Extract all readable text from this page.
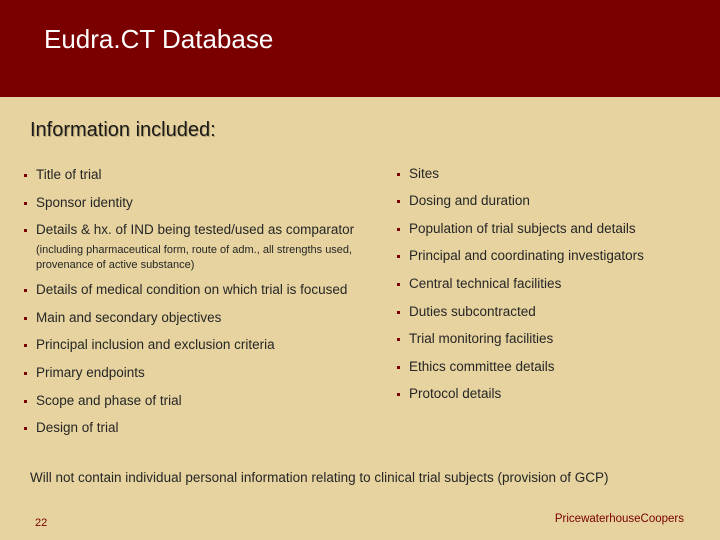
Eudra.CT Database
Information included:
Title of trial
Sponsor identity
Details & hx. of IND being tested/used as comparator
Details of medical condition on which trial is focused
Main and secondary objectives
Principal inclusion and exclusion criteria
Primary endpoints
Scope and phase of trial
Design of trial
(including pharmaceutical form, route of adm., all strengths used, provenance of active substance)
Sites
Dosing and duration
Population of trial subjects and details
Principal and coordinating investigators
Central technical facilities
Duties subcontracted
Trial monitoring facilities
Ethics committee details
Protocol details
Will not contain individual personal information relating to clinical trial subjects (provision of GCP)
22	PricewaterhouseCoopers
